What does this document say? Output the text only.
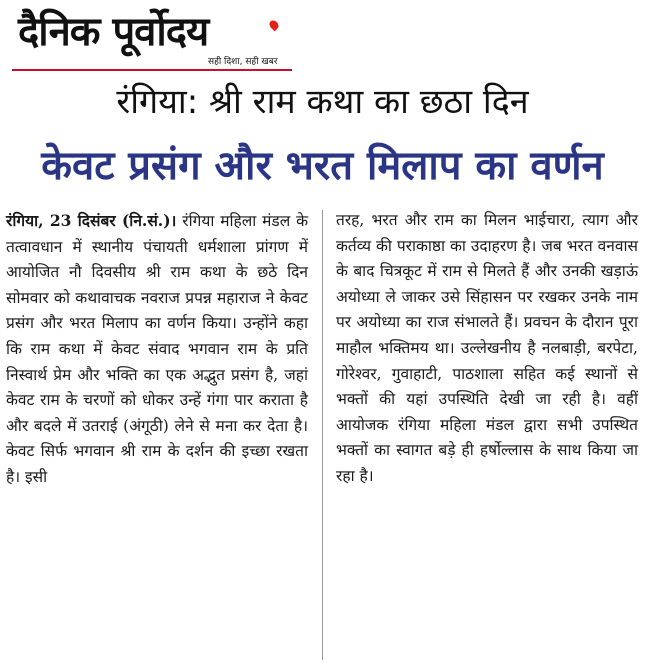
दैनिक पूर्वोदय
सही दिशा, सही खबर
रंगिया: श्री राम कथा का छठा दिन
केवट प्रसंग और भरत मिलाप का वर्णन
रंगिया, 23 दिसंबर (नि.सं.)। रंगिया महिला मंडल के तत्वावधान में स्थानीय पंचायती धर्मशाला प्रांगण में आयोजित नौ दिवसीय श्री राम कथा के छठे दिन सोमवार को कथावाचक नवराज प्रपन्न महाराज ने केवट प्रसंग और भरत मिलाप का वर्णन किया। उन्होंने कहा कि राम कथा में केवट संवाद भगवान राम के प्रति निस्वार्थ प्रेम और भक्ति का एक अद्भुत प्रसंग है, जहां केवट राम के चरणों को धोकर उन्हें गंगा पार कराता है और बदले में उतराई (अंगूठी) लेने से मना कर देता है। केवट सिर्फ भगवान श्री राम के दर्शन की इच्छा रखता है। इसी
तरह, भरत और राम का मिलन भाईचारा, त्याग और कर्तव्य की पराकाष्ठा का उदाहरण है। जब भरत वनवास के बाद चित्रकूट में राम से मिलते हैं और उनकी खड़ाऊं अयोध्या ले जाकर उसे सिंहासन पर रखकर उनके नाम पर अयोध्या का राज संभालते हैं। प्रवचन के दौरान पूरा माहौल भक्तिमय था। उल्लेखनीय है नलबाड़ी, बरपेटा, गोरेश्वर, गुवाहाटी, पाठशाला सहित कई स्थानों से भक्तों की यहां उपस्थिति देखी जा रही है। वहीं आयोजक रंगिया महिला मंडल द्वारा सभी उपस्थित भक्तों का स्वागत बड़े ही हर्षोल्लास के साथ किया जा रहा है।
